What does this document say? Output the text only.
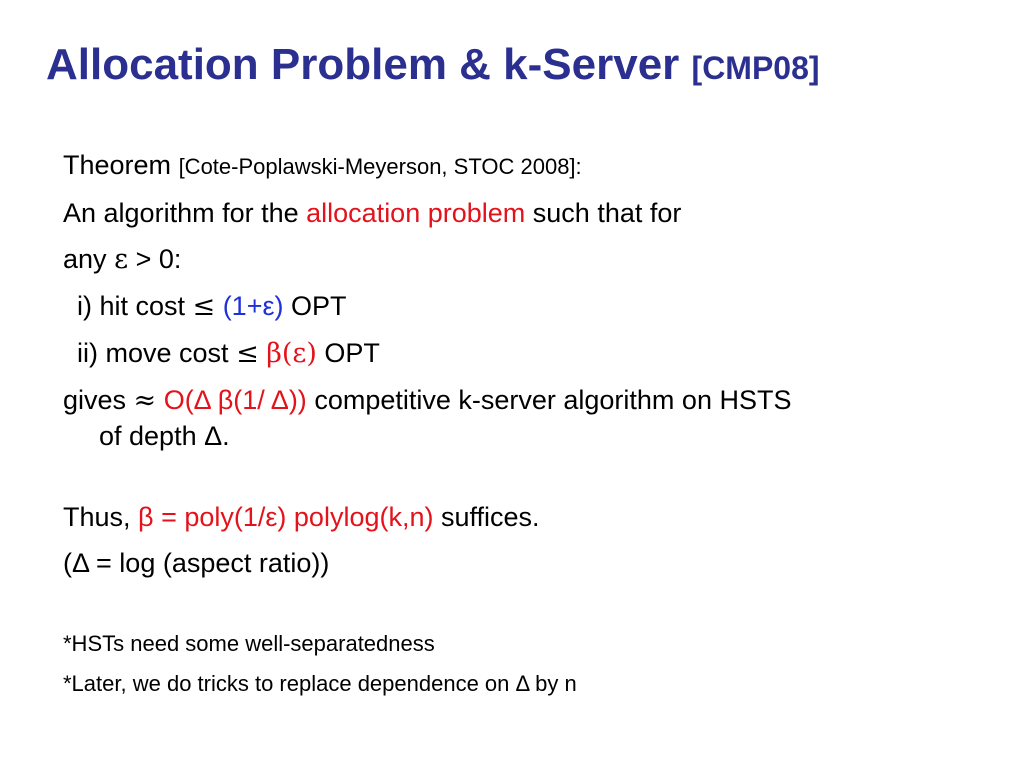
Allocation Problem & k-Server [CMP08]
Theorem [Cote-Poplawski-Meyerson, STOC 2008]:
An algorithm for the allocation problem such that for
any ε > 0:
i) hit cost ≤ (1+ε) OPT
ii) move cost ≤ β(ε) OPT
gives ≈ O(Δ β(1/ Δ)) competitive k-server algorithm on HSTS
of depth Δ.
Thus, β = poly(1/ε) polylog(k,n) suffices.
(Δ = log (aspect ratio))
*HSTs need some well-separatedness
*Later, we do tricks to replace dependence on Δ by n
